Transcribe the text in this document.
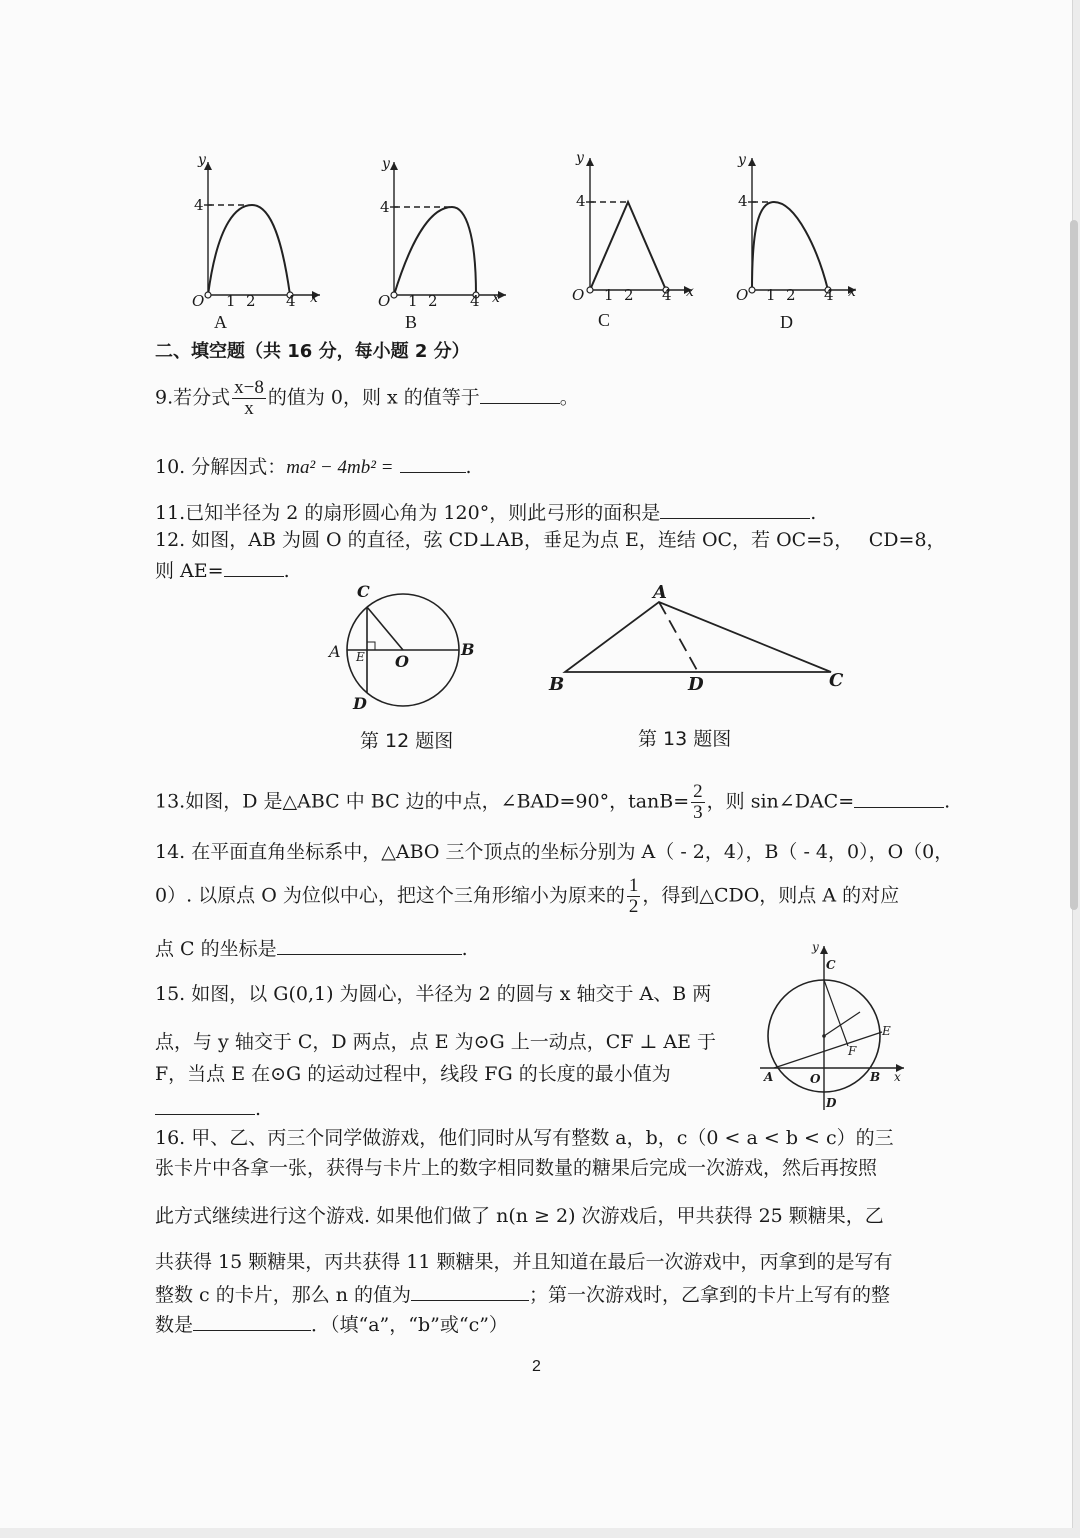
y
4
O 1 2 4 x
A
y
4
O 1 2 4 x
B
y
4
O 1 2 4 x
C
y
4
O 1 2 4 x
D
二、填空题（共 16 分，每小题 2 分）
9.若分式 $\frac{x-8}{x}$ 的值为 0，则 x 的值等于	。
10. 分解因式：ma² − 4mb² =	.
11.已知半径为 2 的扇形圆心角为 120°，则此弓形的面积是	.
12. 如图，AB 为圆 O 的直径，弦 CD⊥AB，垂足为点 E，连结 OC，若 OC=5，　 CD=8，
则 AE=	.
C
A E O
B
D
第 12 题图
A
B	D	C
第 13 题图
13.如图，D 是△ABC 中 BC 边的中点，∠BAD=90°，$\tan B= \frac{2}{3}$ ，则 sin∠DAC=	.
14. 在平面直角坐标系中，△ABO 三个顶点的坐标分别为 A（ - 2，4），B（ - 4，0），O（0，
0）. 以原点 O 为位似中心，把这个三角形缩小为原来的 $\frac{1}{2}$ ，得到△CDO，则点 A 的对应
点 C 的坐标是	.
15. 如图，以 G(0,1) 为圆心，半径为 2 的圆与 x 轴交于 A、B 两
点，与 y 轴交于 C，D 两点，点 E 为⊙G 上一动点，CF ⊥ AE 于
F，当点 E 在⊙G 的运动过程中，线段 FG 的长度的最小值为
.
y
C
E
F
A	O	B x
D
16. 甲、乙、丙三个同学做游戏，他们同时从写有整数 a，b，c（0 < a < b < c）的三
张卡片中各拿一张，获得与卡片上的数字相同数量的糖果后完成一次游戏，然后再按照
此方式继续进行这个游戏. 如果他们做了 n(n ≥ 2) 次游戏后，甲共获得 25 颗糖果，乙
共获得 15 颗糖果，丙共获得 11 颗糖果，并且知道在最后一次游戏中，丙拿到的是写有
整数 c 的卡片，那么 n 的值为	；第一次游戏时，乙拿到的卡片上写有的整
数是	．（填“a”，“b”或“c”）
2
